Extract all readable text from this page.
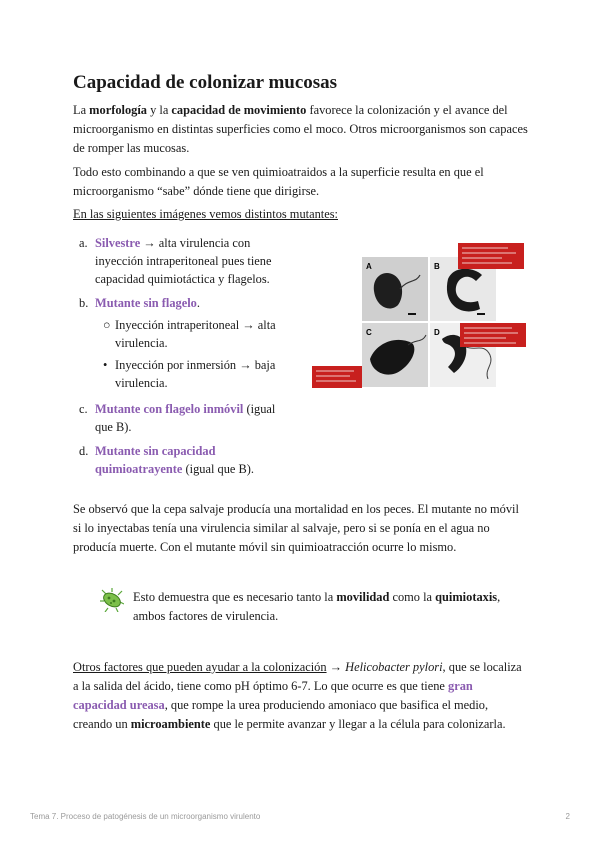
Capacidad de colonizar mucosas

La morfología y la capacidad de movimiento favorece la colonización y el avance del microorganismo en distintas superficies como el moco. Otros microorganismos son capaces de romper las mucosas.

Todo esto combinando a que se ven quimioatraidos a la superficie resulta en que el microorganismo “sabe” dónde tiene que dirigirse.

En las siguientes imágenes vemos distintos mutantes:

a. Silvestre → alta virulencia con inyección intraperitoneal pues tiene capacidad quimiotáctica y flagelos.
b. Mutante sin flagelo.
○ Inyección intraperitoneal → alta virulencia.
• Inyección por inmersión → baja virulencia.
c. Mutante con flagelo inmóvil (igual que B).
d. Mutante sin capacidad quimioatrayente (igual que B).
A	B
C	D

Se observó que la cepa salvaje producía una mortalidad en los peces. El mutante no móvil si lo inyectabas tenía una virulencia similar al salvaje, pero si se ponía en el agua no producía muerte. Con el mutante móvil sin quimioatracción ocurre lo mismo.

Esto demuestra que es necesario tanto la movilidad como la quimiotaxis, ambos factores de virulencia.

Otros factores que pueden ayudar a la colonización → Helicobacter pylori, que se localiza a la salida del ácido, tiene como pH óptimo 6-7. Lo que ocurre es que tiene gran capacidad ureasa, que rompe la urea produciendo amoniaco que basifica el medio, creando un microambiente que le permite avanzar y llegar a la célula para colonizarla.

Tema 7. Proceso de patogénesis de un microorganismo virulento	2
